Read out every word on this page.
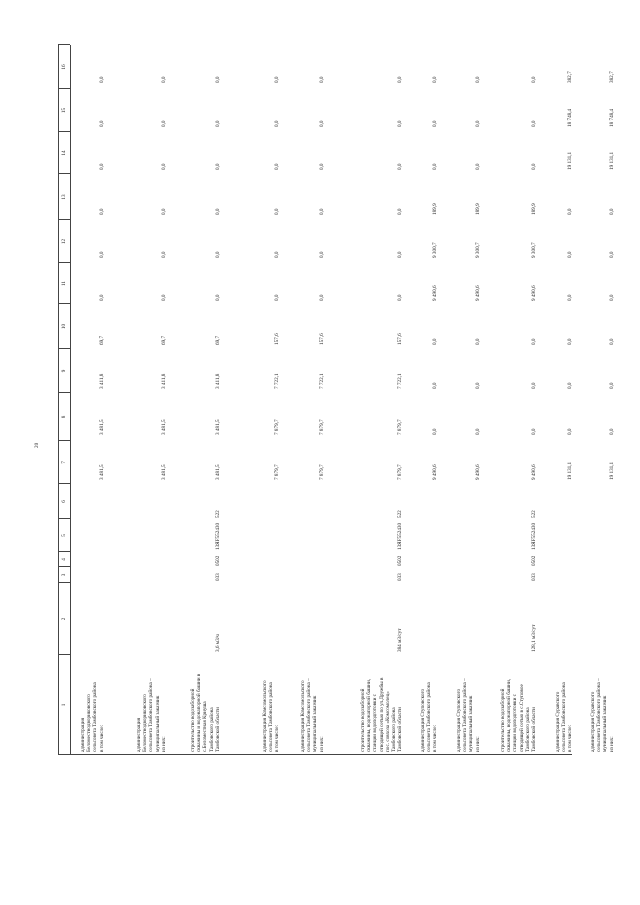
20
1
2
3
4
5
6
7
8
9
10
11
12
13
14
15
16
администрация Беломестнодвориковского сельсовета Тамбовского района в том числе:
3 481,5
3 481,5
3 411,8
69,7
0,0
0,0
0,0
0,0
0,0
0,0
администрация Беломестнодвориковского сельсовета Тамбовского района – муниципальный заказчик из них:
3 481,5
3 481,5
3 411,8
69,7
0,0
0,0
0,0
0,0
0,0
0,0
строительство водозаборной скважины и водонапорной башни в с.Беломестная Криуша Тамбовского района Тамбовской области
3,6 м3/ч
033
0502
13ЯF552430
522
3 481,5
3 481,5
3 411,8
69,7
0,0
0,0
0,0
0,0
0,0
0,0
администрация Комсомольского сельсовета Тамбовского района в том числе:
7 879,7
7 879,7
7 722,1
157,6
0,0
0,0
0,0
0,0
0,0
0,0
администрация Комсомольского сельсовета Тамбовского района – муниципальный заказчик из них:
7 879,7
7 879,7
7 722,1
157,6
0,0
0,0
0,0
0,0
0,0
0,0
строительство водозаборной скважины, водонапорной башни, станции водоподготовки с отводящей сетью по ул.Дружбы в пос. совхоза «Комсомолец» Тамбовского района Тамбовской области
384 м3/сут
033
0502
13ЯF552430
522
7 879,7
7 879,7
7 722,1
157,6
0,0
0,0
0,0
0,0
0,0
0,0
администрация Ступовского сельсовета Тамбовского района в том числе:
9 490,6
0,0
0,0
0,0
9 490,6
9 300,7
189,9
0,0
0,0
0,0
администрация Ступовского сельсовета Тамбовского района – муниципальный заказчик из них:
9 490,6
0,0
0,0
0,0
9 490,6
9 300,7
189,9
0,0
0,0
0,0
строительство водозаборной скважины, водонапорной башни, станции водоподготовки с отводящей сетью в с.Ступовое Тамбовского района Тамбовской области
128,1 м3/сут
033
0502
13ЯF552430
522
9 490,6
0,0
0,0
0,0
9 490,6
9 300,7
189,9
0,0
0,0
0,0
администрация Суравского сельсовета Тамбовского района в том числе:
19 131,1
0,0
0,0
0,0
0,0
0,0
0,0
19 131,1
18 748,4
382,7
администрация Суравского сельсовета Тамбовского района – муниципальный заказчик из них:
19 131,1
0,0
0,0
0,0
0,0
0,0
0,0
19 131,1
18 748,4
382,7
